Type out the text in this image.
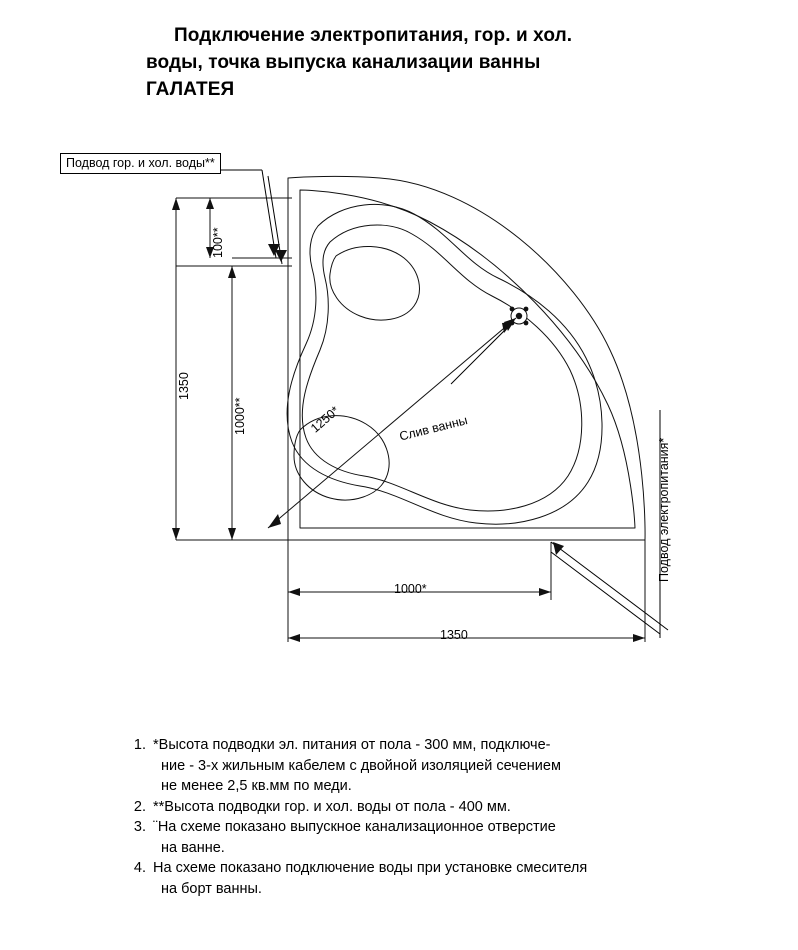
Подключение электропитания, гор. и хол.
воды, точка выпуска канализации ванны
ГАЛАТЕЯ
Подвод гор. и хол. воды**
100**
1000**
1350
1000*
1350
1250*	Слив ванны
Подвод электропитания*
1. *Высота подводки эл. питания от пола - 300 мм, подключе-
ние - 3-х жильным кабелем с двойной изоляцией сечением
не менее 2,5 кв.мм по меди.
2. **Высота подводки гор. и хол. воды от пола - 400 мм.
3. ¨На схеме показано выпускное канализационное отверстие
на ванне.
4. На схеме показано подключение воды при установке смесителя
на борт ванны.
